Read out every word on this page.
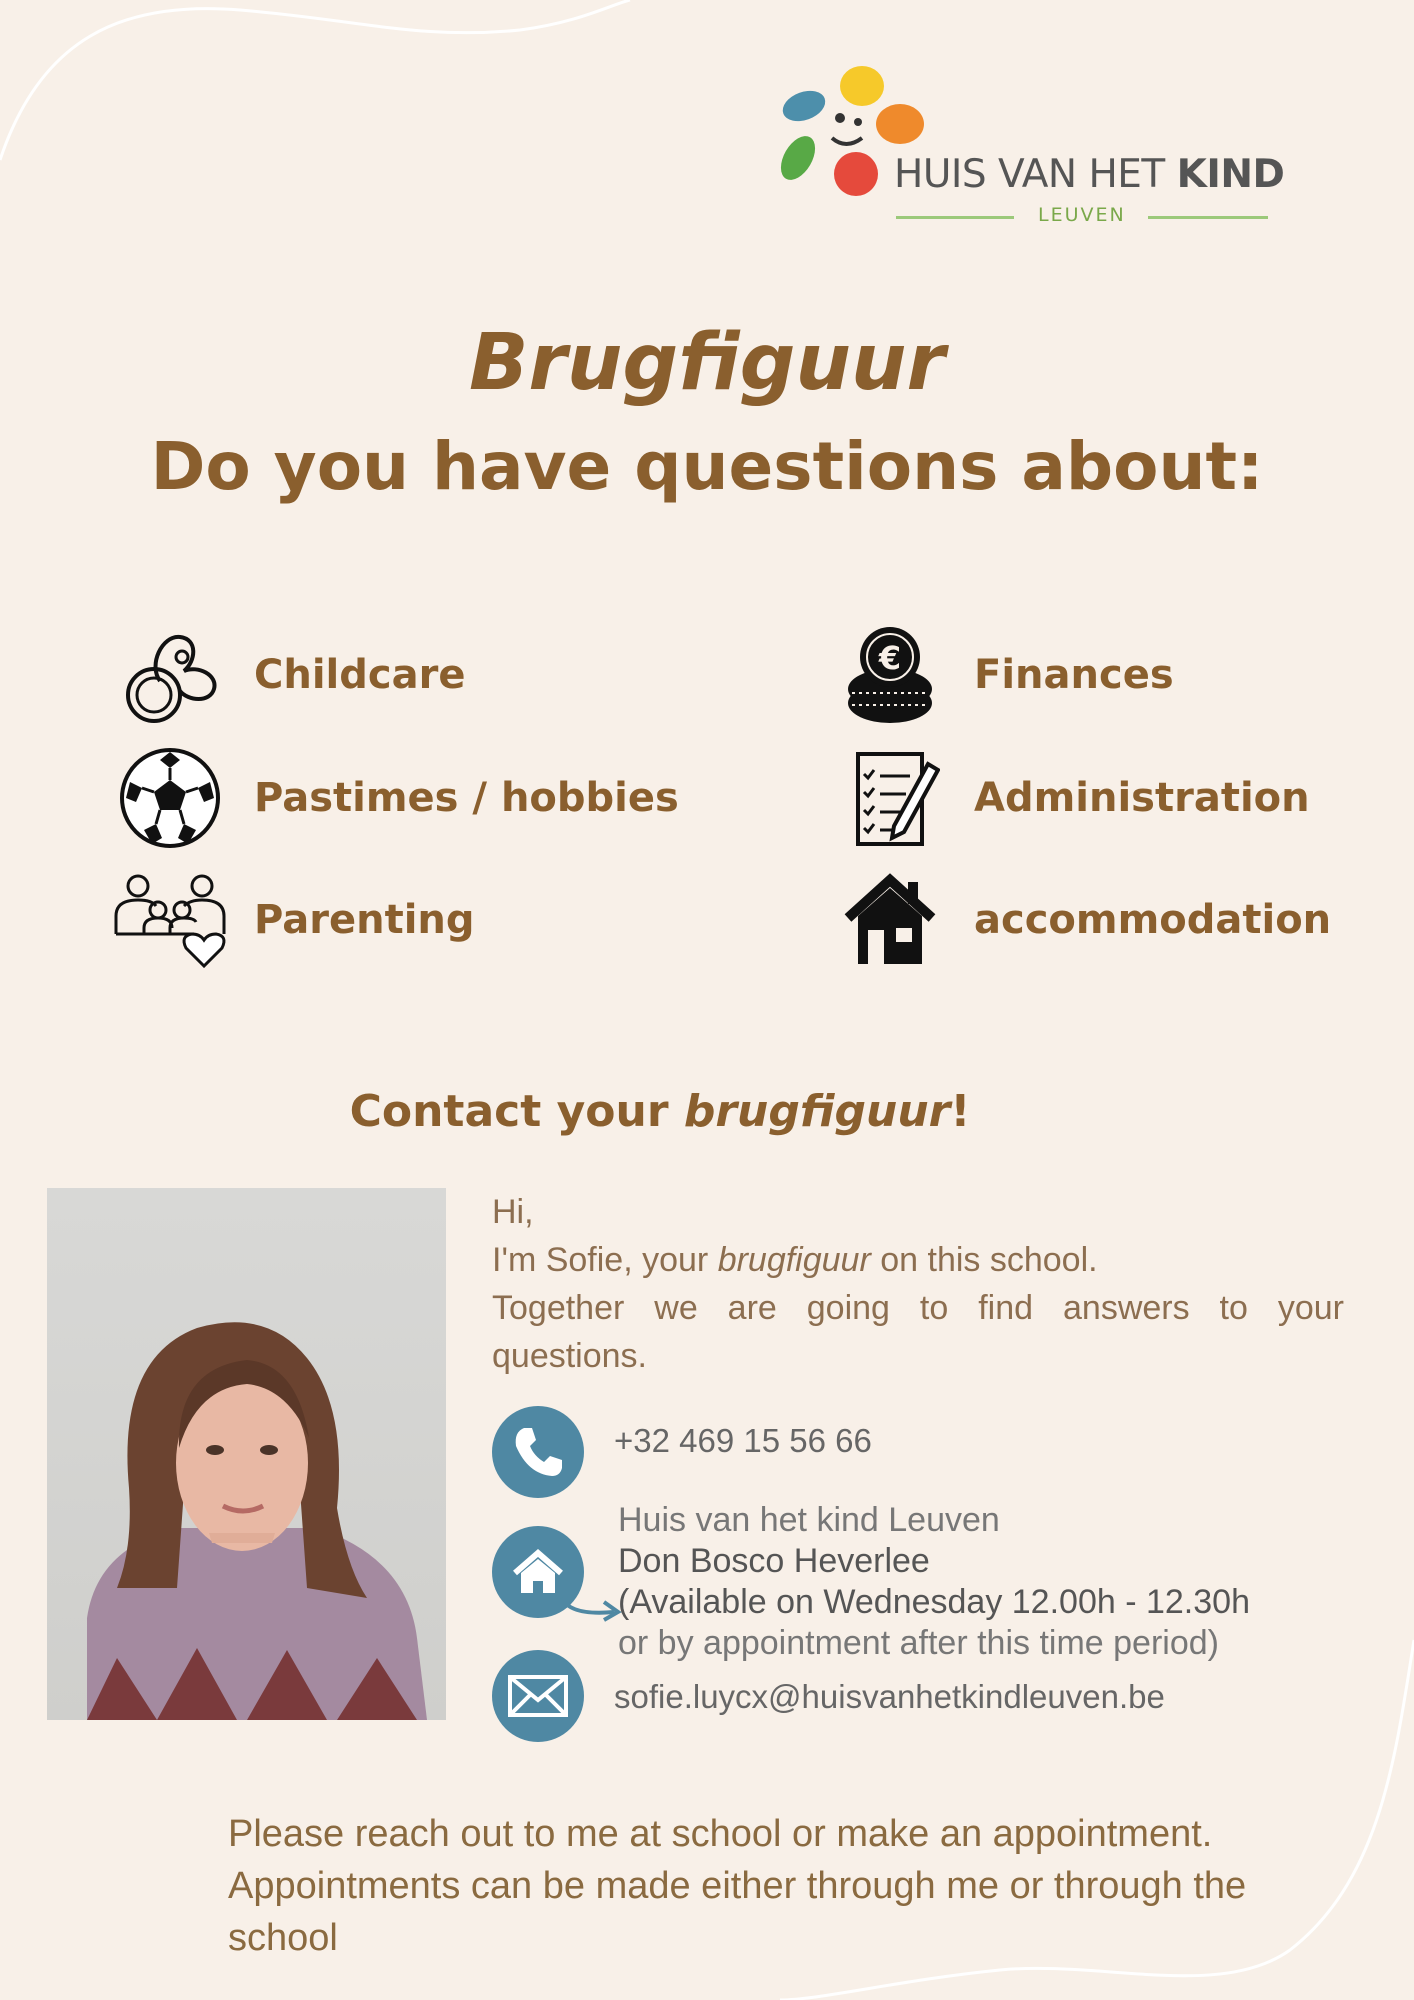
HUIS VAN HET KIND
LEUVEN
Brugfiguur
Do you have questions about:
Childcare	€ Finances
Pastimes / hobbies	Administration
Parenting	accommodation
Contact your brugfiguur!

Hi,

I'm Sofie, your brugfiguur on this school.

Together we are going to find answers to your questions.

+32 469 15 56 66
Huis van het kind Leuven
Don Bosco Heverlee
(Available on Wednesday 12.00h - 12.30h
or by appointment after this time period)
sofie.luycx@huisvanhetkindleuven.be
Please reach out to me at school or make an appointment. Appointments can be made either through me or through the school
